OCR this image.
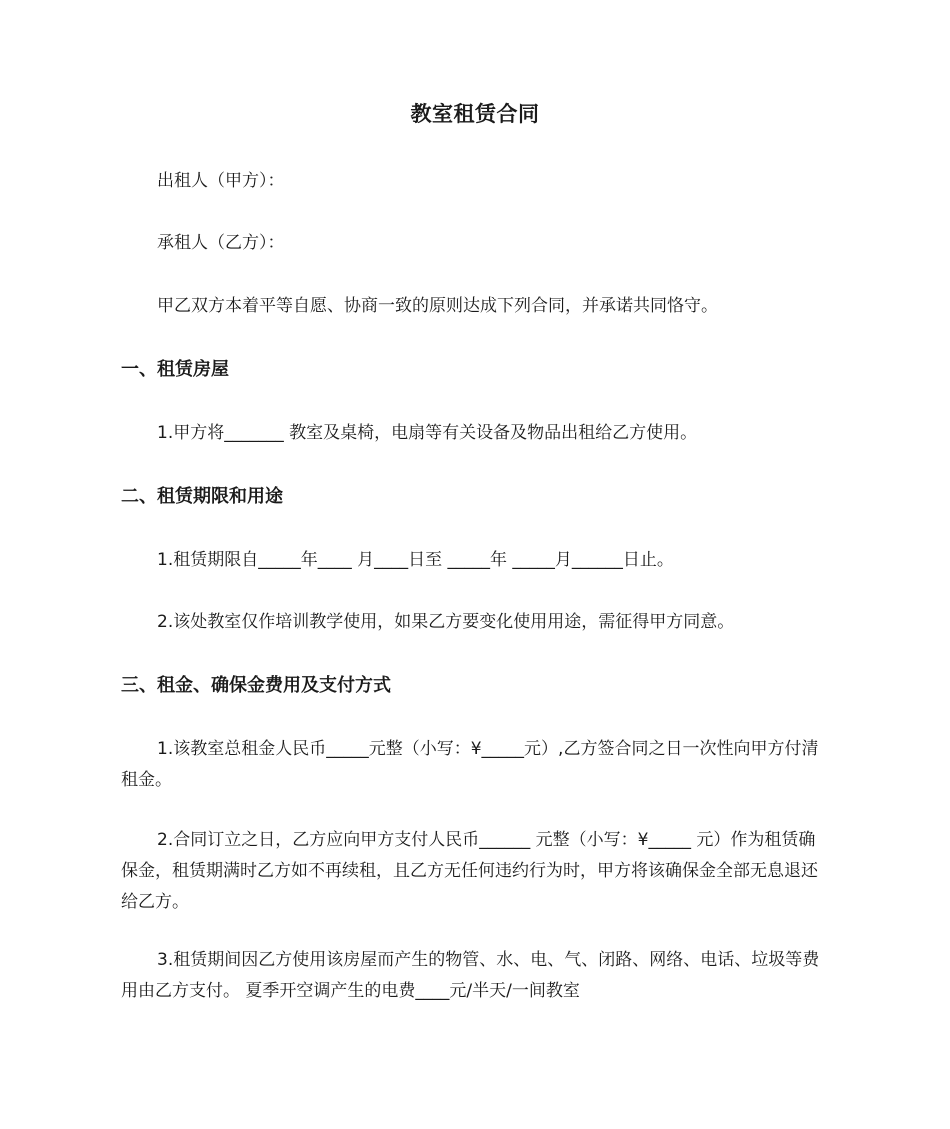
教室租赁合同
出租人（甲方）：
承租人（乙方）：
甲乙双方本着平等自愿、协商一致的原则达成下列合同，并承诺共同恪守。
一、租赁房屋
1.甲方将_______ 教室及桌椅，电扇等有关设备及物品出租给乙方使用。
二、租赁期限和用途
1.租赁期限自_____年____ 月____日至 _____年 _____月______日止。
2.该处教室仅作培训教学使用，如果乙方要变化使用用途，需征得甲方同意。
三、租金、确保金费用及支付方式
1.该教室总租金人民币_____元整（小写：¥_____元）,乙方签合同之日一次性向甲方付清租金。
2.合同订立之日，乙方应向甲方支付人民币______ 元整（小写：¥_____ 元）作为租赁确保金，租赁期满时乙方如不再续租，且乙方无任何违约行为时，甲方将该确保金全部无息退还给乙方。
3.租赁期间因乙方使用该房屋而产生的物管、水、电、气、闭路、网络、电话、垃圾等费用由乙方支付。 夏季开空调产生的电费____元/半天/一间教室
